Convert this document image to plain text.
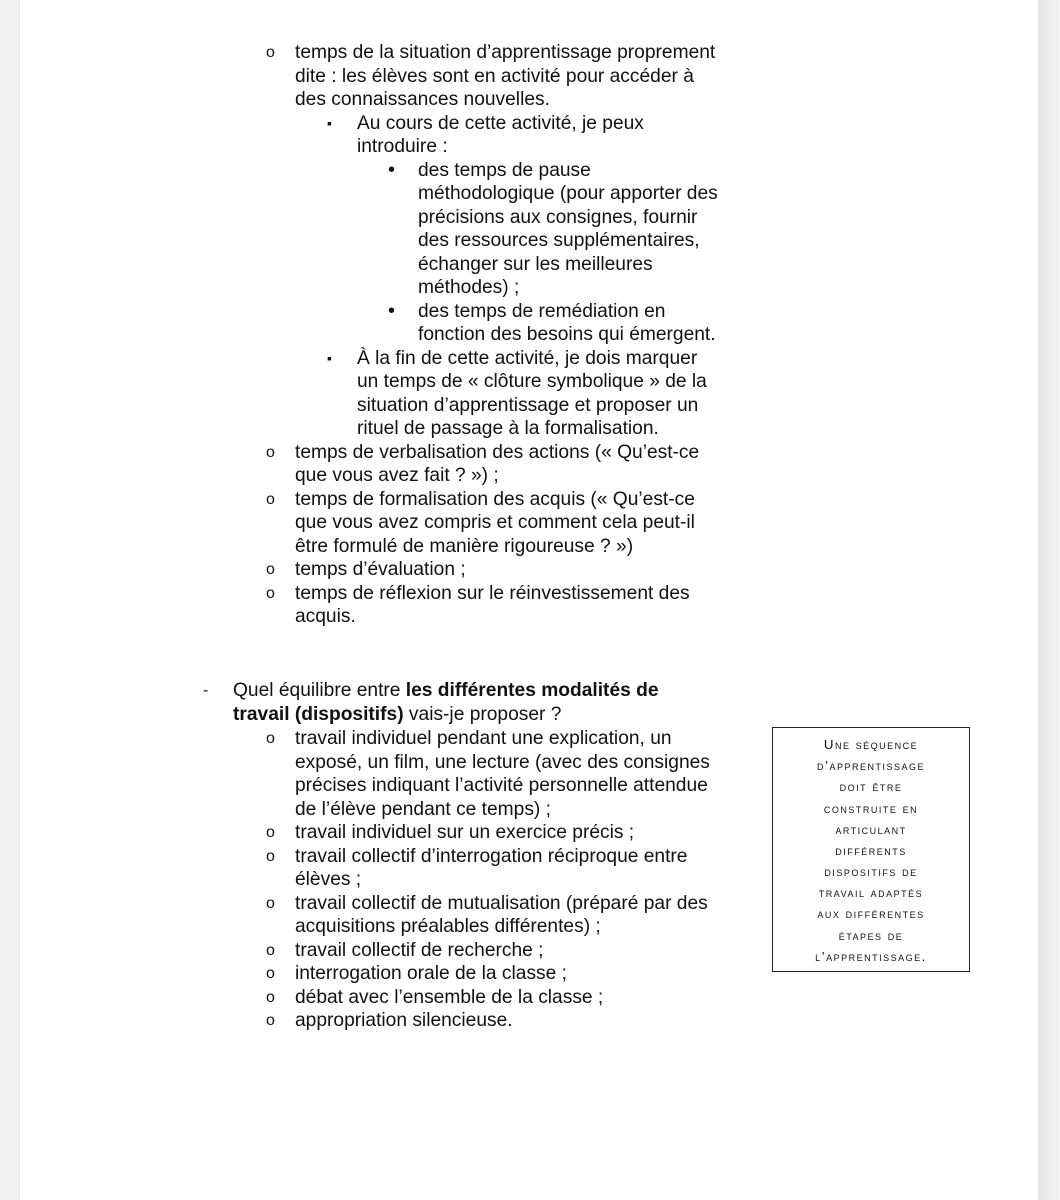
o temps de la situation d’apprentissage proprement
dite : les élèves sont en activité pour accéder à
des connaissances nouvelles.
▪ Au cours de cette activité, je peux
introduire :
• des temps de pause
méthodologique (pour apporter des
précisions aux consignes, fournir
des ressources supplémentaires,
échanger sur les meilleures
méthodes) ;
• des temps de remédiation en
fonction des besoins qui émergent.
▪ À la fin de cette activité, je dois marquer
un temps de « clôture symbolique » de la
situation d’apprentissage et proposer un
rituel de passage à la formalisation.
o temps de verbalisation des actions (« Qu’est-ce
que vous avez fait ? ») ;
o temps de formalisation des acquis (« Qu’est-ce
que vous avez compris et comment cela peut-il
être formulé de manière rigoureuse ? »)
o temps d’évaluation ;
o temps de réflexion sur le réinvestissement des
acquis.
- Quel équilibre entre les différentes modalités de
travail (dispositifs) vais-je proposer ?
o travail individuel pendant une explication, un
exposé, un film, une lecture (avec des consignes
précises indiquant l’activité personnelle attendue
de l’élève pendant ce temps) ;
o travail individuel sur un exercice précis ;
o travail collectif d’interrogation réciproque entre
élèves ;
o travail collectif de mutualisation (préparé par des
acquisitions préalables différentes) ;
o travail collectif de recherche ;
o interrogation orale de la classe ;
o débat avec l’ensemble de la classe ;
o appropriation silencieuse.
Une séquence
d’apprentissage
doit être
construite en
articulant
différents
dispositifs de
travail adaptés
aux différentes
étapes de
l’apprentissage.
